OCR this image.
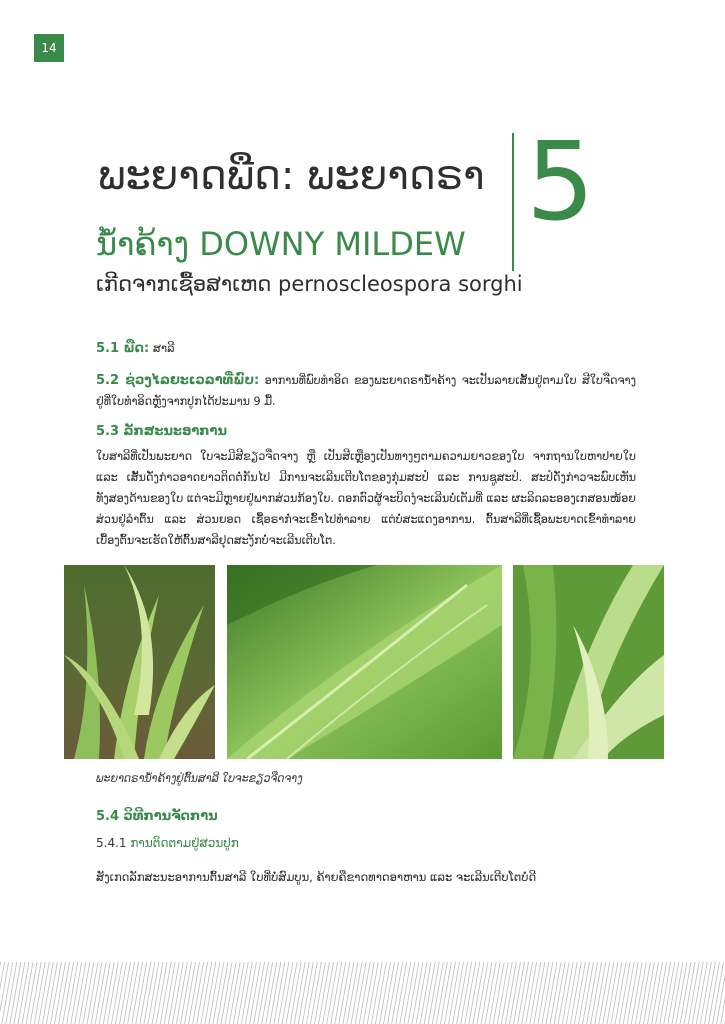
14
ພະຍາດພືດ: ພະຍາດຣາ 5
ນ້ຳຄ້າງ DOWNY MILDEW
ເກີດຈາກເຊື້ອສາເຫດ pernoscleospora sorghi
5.1 ພືດ: ສາລີ
5.2 ຊ່ວງໄລຍະເວລາທີ່ພົບ: ອາການທີ່ພົບທຳອິດ ຂອງພະຍາດຣານ້ຳຄ້າງ ຈະເປັນລາຍເສັ້ນຢູ່ຕາມໃບ ສີໃບຈືດຈາງ ຢູ່ທີ່ໃບທຳອິດຫຼັງຈາກປູກໄດ້ປະມານ 9 ມື້.
5.3 ລັກສະນະອາການ
ໃບສາລີທີ່ເປັນພະຍາດ ໃບຈະມີສີຂຽວຈືດຈາງ ຫຼື ເປັນສີເຫຼືອງເປັນທາງໆຕາມຄວາມຍາວຂອງໃບ ຈາກຖານໃບຫາປາຍໃບ ແລະ ເສັ້ນດັ່ງກ່າວອາດຍາວຕິດຕໍ່ກັນໄປ ມີການຈະເລີນເຕີບໂຕຂອງກຸ່ມສະປໍ ແລະ ການຊູສະປໍ. ສະປໍດັ່ງກ່າວຈະພົບເຫັນທັງສອງດ້ານຂອງໃບ ແຕ່ຈະມີຫຼາຍຢູ່ພາກສ່ວນກ້ອງໃບ. ດອກຕົວຜູ້ຈະບິດງໍຈະເລີນບໍ່ເຕັມທີ່ ແລະ ຜະລິດລະອອງເກສອນໜ້ອຍ ສ່ວນຢູ່ລຳຕົ້ນ ແລະ ສ່ວນຍອດ ເຊື້ອຣາກໍ່ຈະເຂົ້າໄປທຳລາຍ ແຕ່ບໍ່ສະແດງອາການ. ຕົ້ນສາລີທີ່ເຊື້ອພະຍາດເຂົ້າທຳລາຍ ເບື້ອງຕົ້ນຈະເຮັດໃຫ້ຕົ້ນສາລີຢຸດສະງັກບໍ່ຈະເລີນເຕີບໂຕ.
ພະຍາດຣານ້ຳຄ້າງຢູ່ຕົ້ນສາລີ ໃບຈະຂຽວຈືດຈາງ
5.4 ວິທີການຈັດການ
5.4.1 ການຕິດຕາມຢູ່ສວນປູກ
ສັງເກດລັກສະນະອາການຕົ້ນສາລີ ໃບທີ່ບໍ່ສົມບູນ, ຄ້າຍຄືຂາດທາດອາຫານ ແລະ ຈະເລີນເຕີບໂຕບໍ່ດີ
